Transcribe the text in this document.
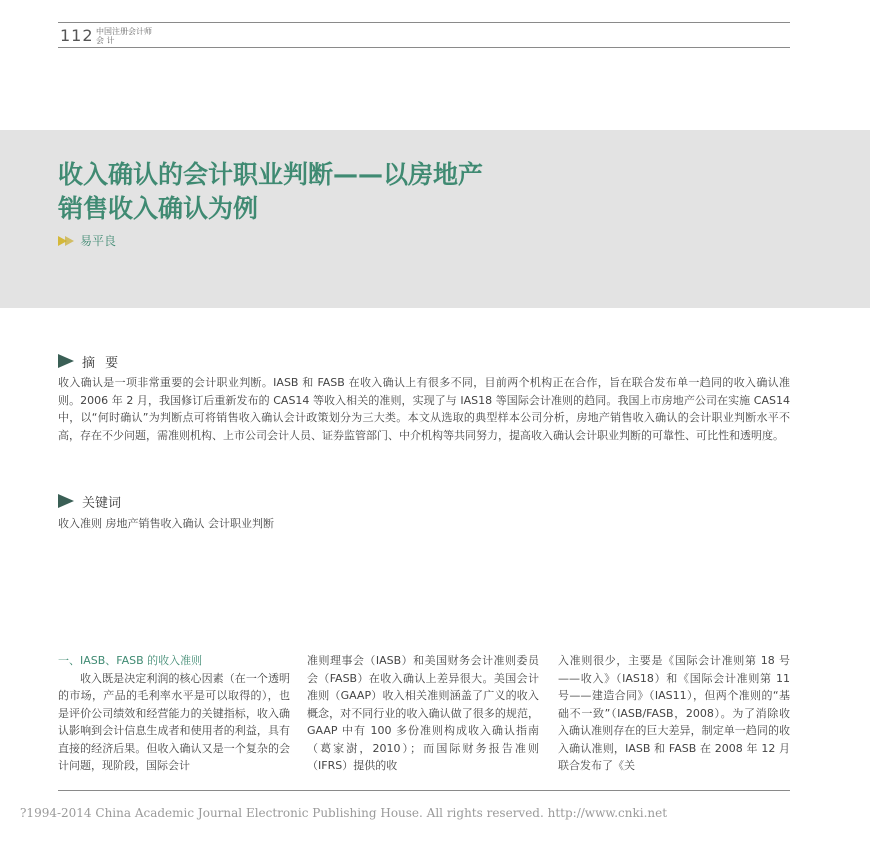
112 中国注册会计师
会 计
收入确认的会计职业判断——以房地产
销售收入确认为例
易平良
摘 要
收入确认是一项非常重要的会计职业判断。IASB 和 FASB 在收入确认上有很多不同，目前两个机构正在合作，旨在联合发布单一趋同的收入确认准则。2006 年 2 月，我国修订后重新发布的 CAS14 等收入相关的准则，实现了与 IAS18 等国际会计准则的趋同。我国上市房地产公司在实施 CAS14 中，以“何时确认”为判断点可将销售收入确认会计政策划分为三大类。本文从选取的典型样本公司分析，房地产销售收入确认的会计职业判断水平不高，存在不少问题，需准则机构、上市公司会计人员、证券监管部门、中介机构等共同努力，提高收入确认会计职业判断的可靠性、可比性和透明度。
关键词
收入准则 房地产销售收入确认 会计职业判断

一、IASB、FASB 的收入准则

收入既是决定利润的核心因素（在一个透明的市场，产品的毛利率水平是可以取得的），也是评价公司绩效和经营能力的关键指标，收入确认影响到会计信息生成者和使用者的利益，具有直接的经济后果。但收入确认又是一个复杂的会计问题，现阶段，国际会计

准则理事会（IASB）和美国财务会计准则委员会（FASB）在收入确认上差异很大。美国会计准则（GAAP）收入相关准则涵盖了广义的收入概念，对不同行业的收入确认做了很多的规范，GAAP 中有 100 多份准则构成收入确认指南（葛家澍，2010）；而国际财务报告准则（IFRS）提供的收

入准则很少，主要是《国际会计准则第 18 号——收入》（IAS18）和《国际会计准则第 11 号——建造合同》（IAS11），但两个准则的“基础不一致”（IASB/FASB，2008）。为了消除收入确认准则存在的巨大差异，制定单一趋同的收入确认准则，IASB 和 FASB 在 2008 年 12 月联合发布了《关

?1994-2014 China Academic Journal Electronic Publishing House. All rights reserved. http://www.cnki.net
